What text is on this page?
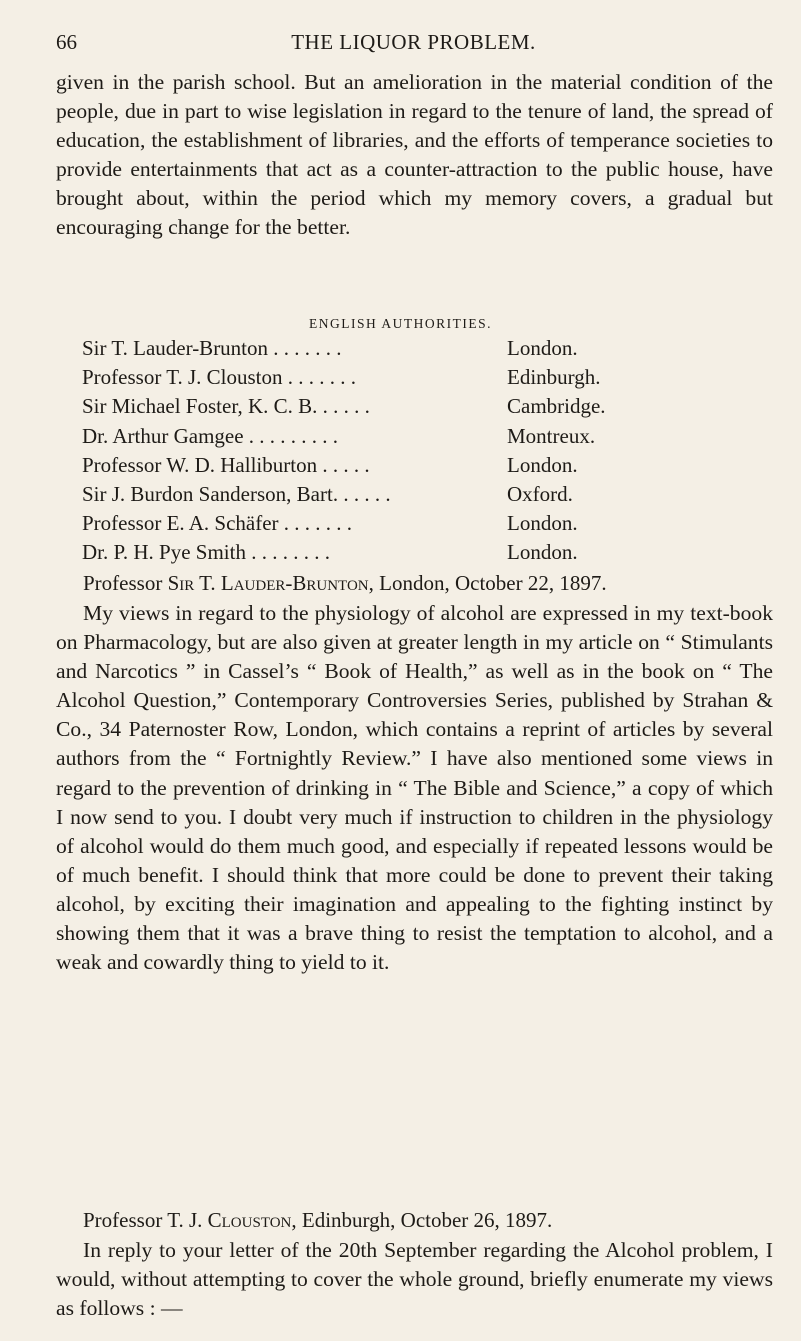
66	THE LIQUOR PROBLEM.

given in the parish school. But an amelioration in the material condition of the people, due in part to wise legislation in regard to the tenure of land, the spread of education, the establishment of libraries, and the efforts of temperance societies to provide entertainments that act as a counter-attraction to the public house, have brought about, within the period which my memory covers, a gradual but encouraging change for the better.

ENGLISH AUTHORITIES.
Sir T. Lauder-Brunton . . . . . . .	London.
Professor T. J. Clouston . . . . . . .	Edinburgh.
Sir Michael Foster, K. C. B. . . . . .	Cambridge.
Dr. Arthur Gamgee . . . . . . . . .	Montreux.
Professor W. D. Halliburton . . . . .	London.
Sir J. Burdon Sanderson, Bart. . . . . .	Oxford.
Professor E. A. Schäfer . . . . . . .	London.
Dr. P. H. Pye Smith . . . . . . . .	London.
Professor Sir T. Lauder-Brunton, London, October 22, 1897.

My views in regard to the physiology of alcohol are expressed in my text-book on Pharmacology, but are also given at greater length in my article on “ Stimulants and Narcotics ” in Cassel’s “ Book of Health,” as well as in the book on “ The Alcohol Question,” Contemporary Controversies Series, published by Strahan & Co., 34 Paternoster Row, London, which contains a reprint of articles by several authors from the “ Fortnightly Review.” I have also mentioned some views in regard to the prevention of drinking in “ The Bible and Science,” a copy of which I now send to you. I doubt very much if instruction to children in the physiology of alcohol would do them much good, and especially if repeated lessons would be of much benefit. I should think that more could be done to prevent their taking alcohol, by exciting their imagination and appealing to the fighting instinct by showing them that it was a brave thing to resist the temptation to alcohol, and a weak and cowardly thing to yield to it.

Professor T. J. Clouston, Edinburgh, October 26, 1897.

In reply to your letter of the 20th September regarding the Alcohol problem, I would, without attempting to cover the whole ground, briefly enumerate my views as follows : —
